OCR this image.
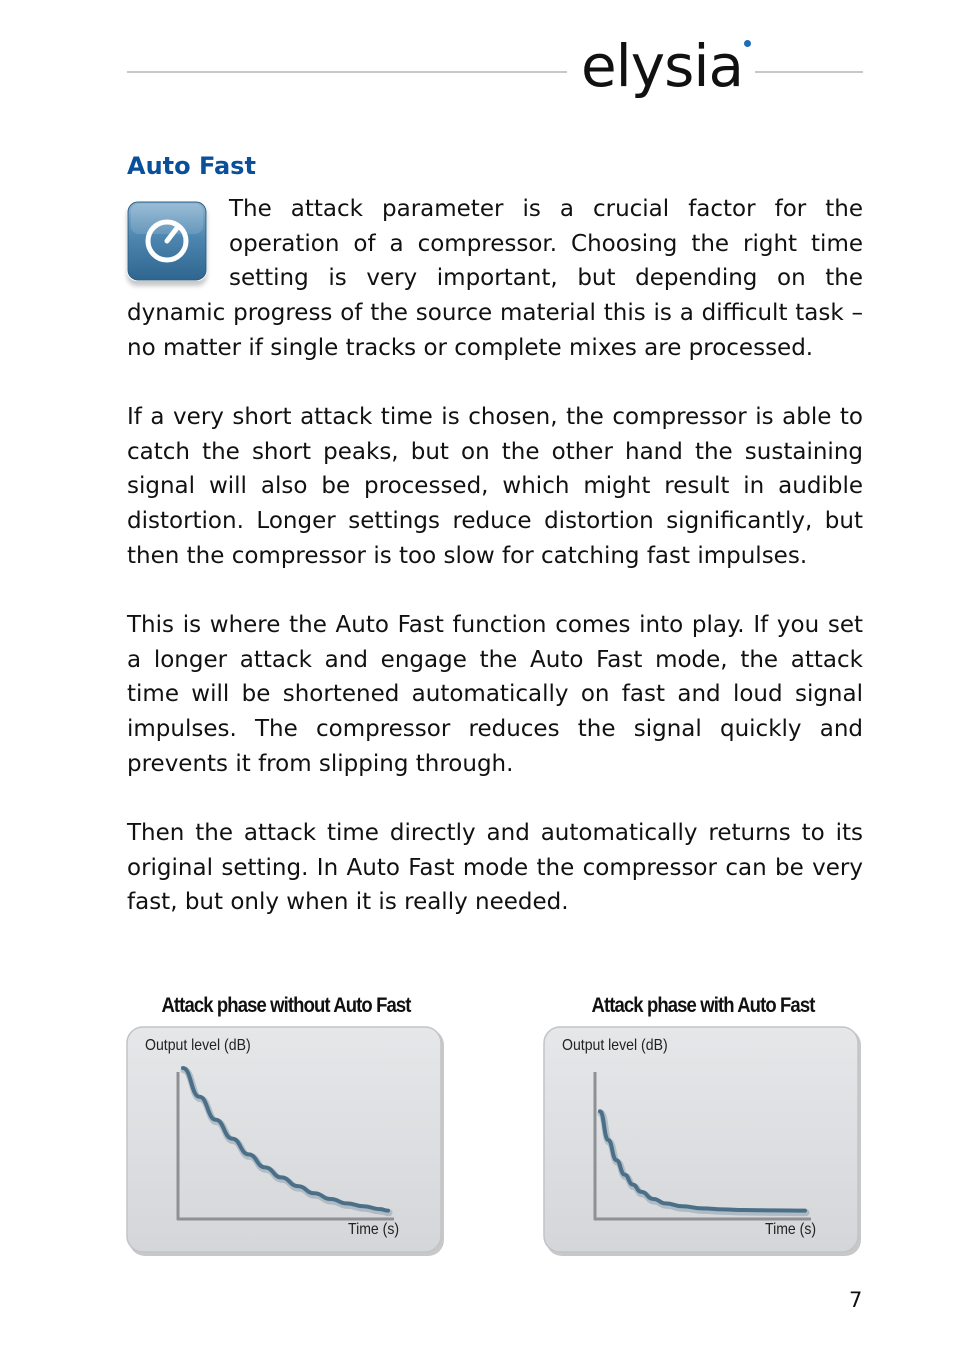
elysia
Auto Fast

The attack parameter is a crucial factor for the operation of a compressor. Choosing the right time setting is very important, but depending on the dynamic progress of the source material this is a difficult task – no matter if single tracks or complete mixes are processed.

If a very short attack time is chosen, the compressor is able to catch the short peaks, but on the other hand the sustaining signal will also be processed, which might result in audible distortion. Longer settings reduce distortion significantly, but then the compressor is too slow for catching fast impulses.

This is where the Auto Fast function comes into play. If you set a longer attack and engage the Auto Fast mode, the attack time will be shortened automatically on fast and loud signal impulses. The compressor reduces the signal quickly and prevents it from slipping through.

Then the attack time directly and automatically returns to its original setting. In Auto Fast mode the compressor can be very fast, but only when it is really needed.

Attack phase without Auto Fast
Output level (dB)
Time (s)
Attack phase with Auto Fast
Output level (dB)
Time (s)
7
